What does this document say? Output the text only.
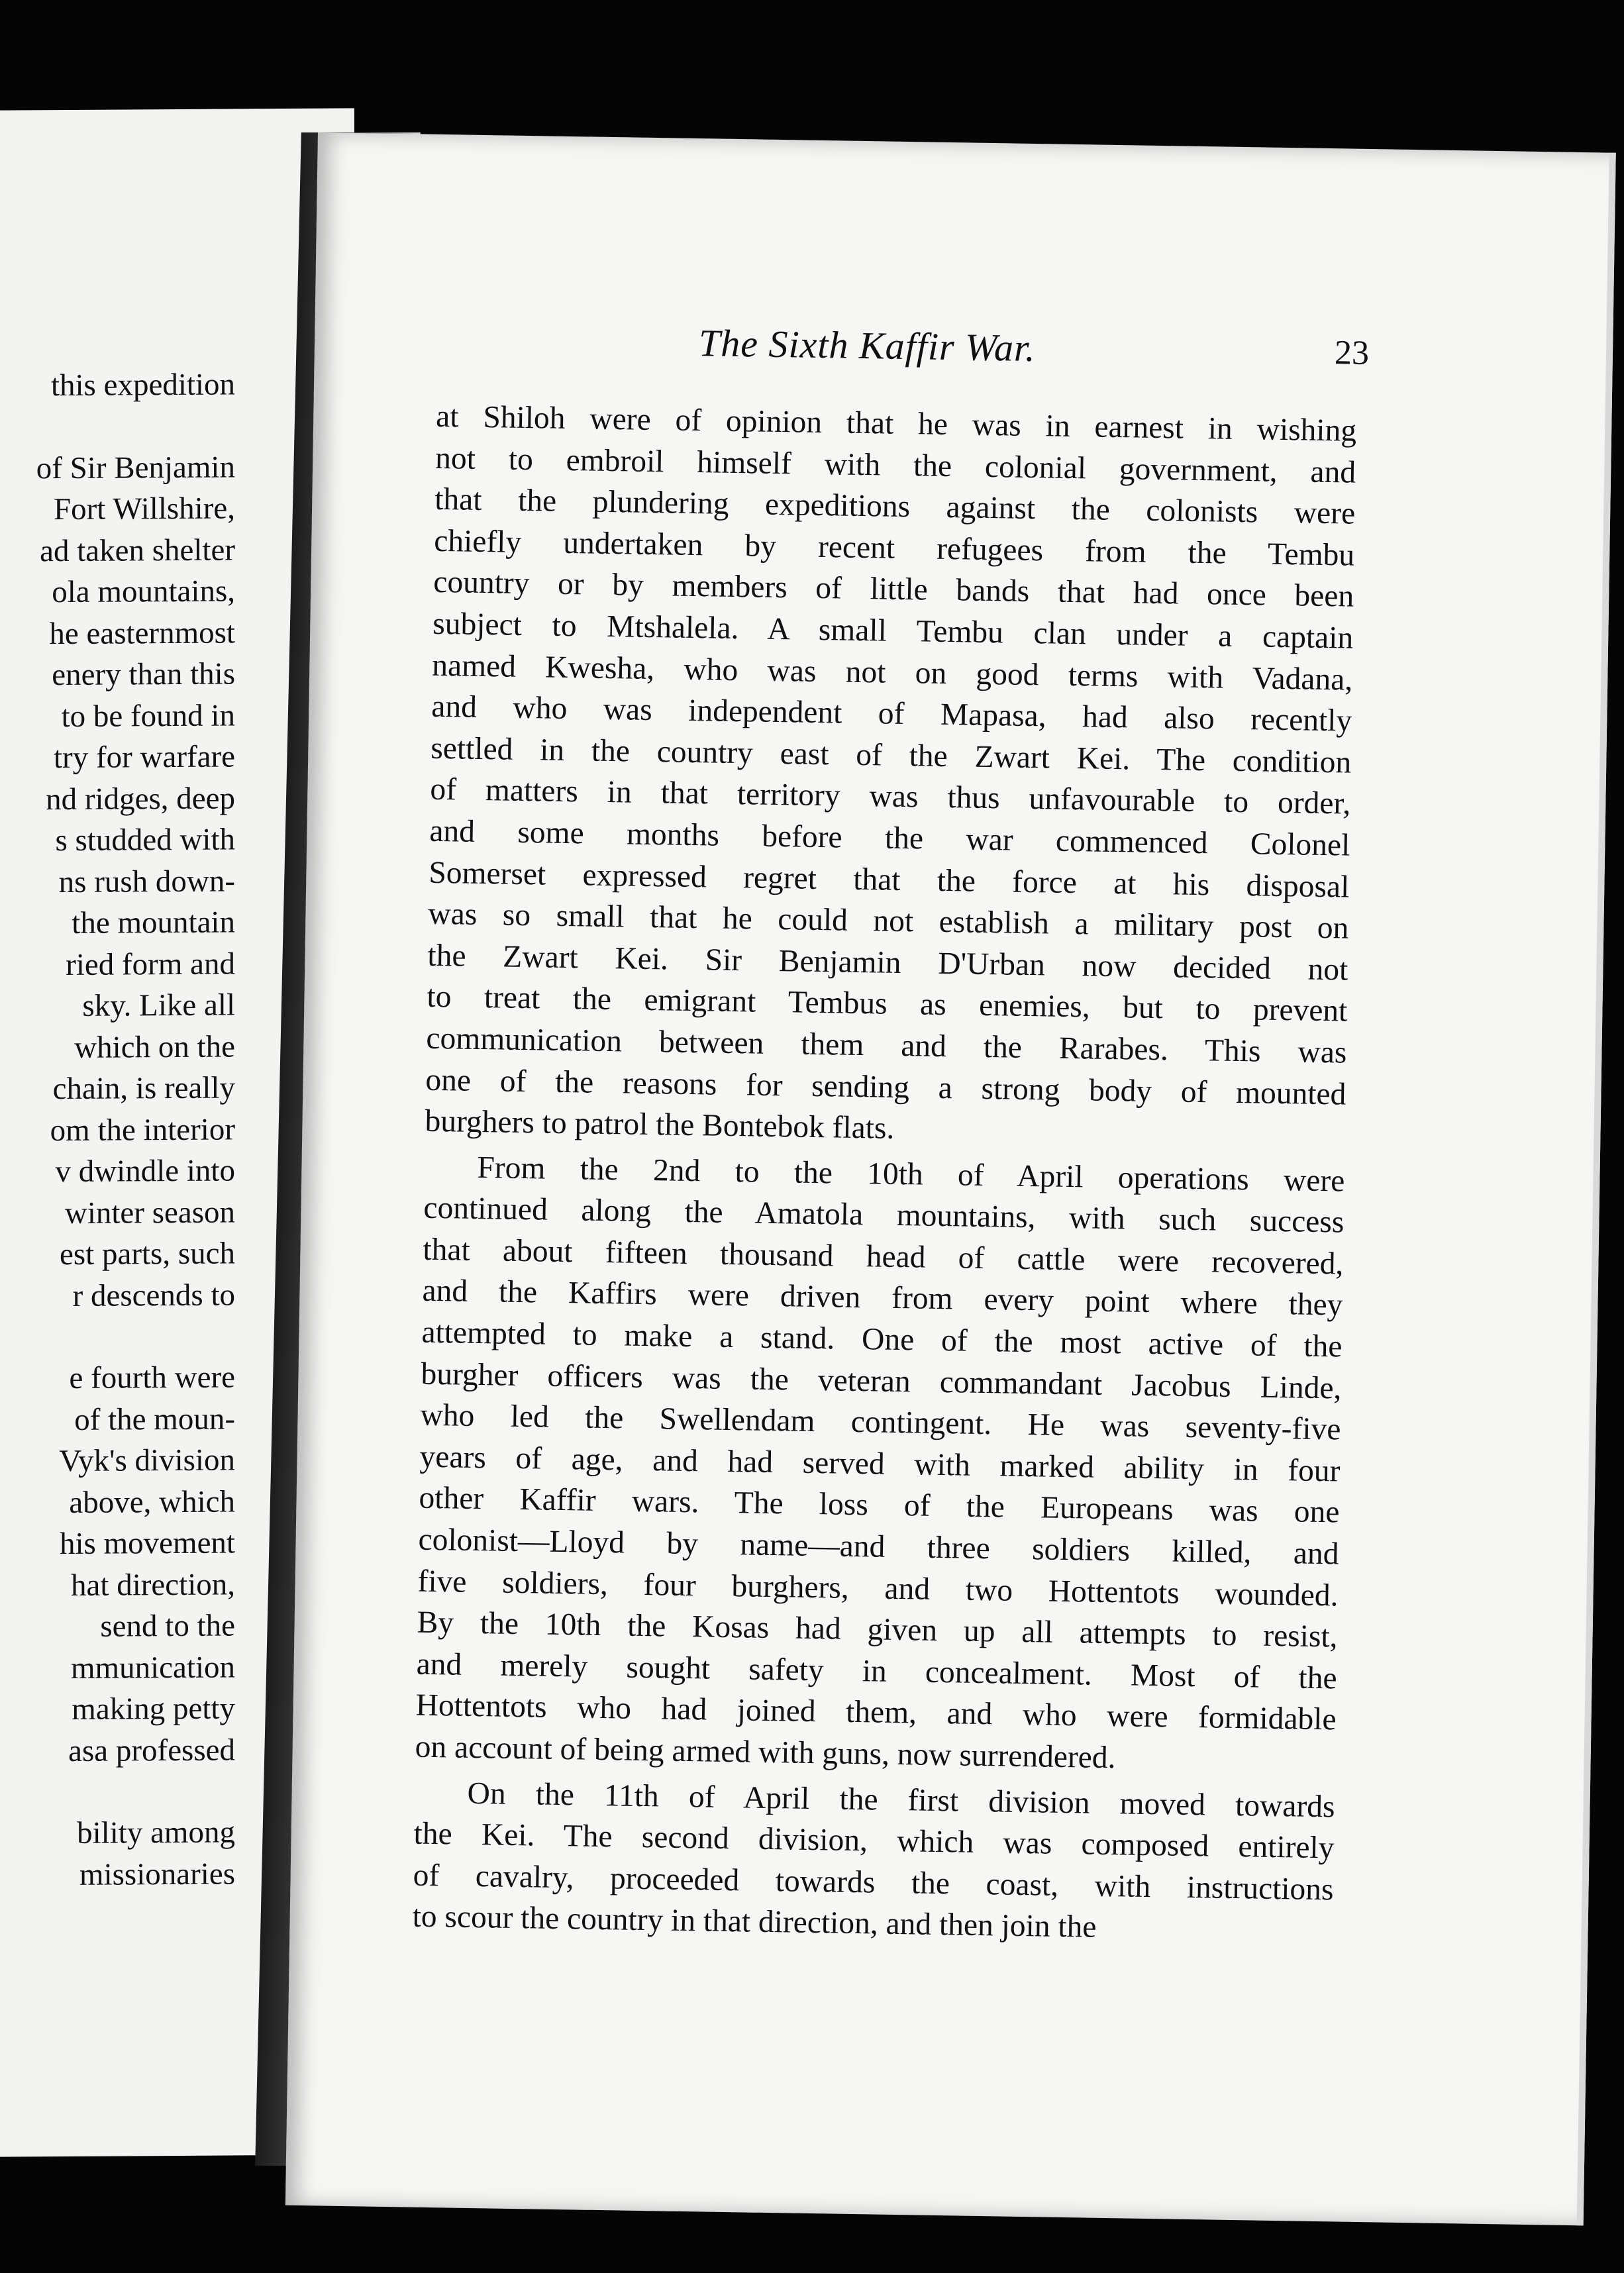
this expedition
of Sir Benjamin
Fort Willshire,
ad taken shelter
ola mountains,
he easternmost
enery than this
to be found in
try for warfare
nd ridges, deep
s studded with
ns rush down-
the mountain
ried form and
sky. Like all
which on the
chain, is really
om the interior
v dwindle into
winter season
est parts, such
r descends to
e fourth were
of the moun-
Vyk's division
above, which
his movement
hat direction,
send to the
mmunication
making petty
asa professed
bility among
missionaries
The Sixth Kaffir War.	23
at Shiloh were of opinion that he was in earnest in wishing
not to embroil himself with the colonial government, and
that the plundering expeditions against the colonists were
chiefly undertaken by recent refugees from the Tembu
country or by members of little bands that had once been
subject to Mtshalela. A small Tembu clan under a captain
named Kwesha, who was not on good terms with Vadana,
and who was independent of Mapasa, had also recently
settled in the country east of the Zwart Kei. The condition
of matters in that territory was thus unfavourable to order,
and some months before the war commenced Colonel
Somerset expressed regret that the force at his disposal
was so small that he could not establish a military post on
the Zwart Kei. Sir Benjamin D'Urban now decided not
to treat the emigrant Tembus as enemies, but to prevent
communication between them and the Rarabes. This was
one of the reasons for sending a strong body of mounted
burghers to patrol the Bontebok flats.
From the 2nd to the 10th of April operations were
continued along the Amatola mountains, with such success
that about fifteen thousand head of cattle were recovered,
and the Kaffirs were driven from every point where they
attempted to make a stand. One of the most active of the
burgher officers was the veteran commandant Jacobus Linde,
who led the Swellendam contingent. He was seventy-five
years of age, and had served with marked ability in four
other Kaffir wars. The loss of the Europeans was one
colonist—Lloyd by name—and three soldiers killed, and
five soldiers, four burghers, and two Hottentots wounded.
By the 10th the Kosas had given up all attempts to resist,
and merely sought safety in concealment. Most of the
Hottentots who had joined them, and who were formidable
on account of being armed with guns, now surrendered.
On the 11th of April the first division moved towards
the Kei. The second division, which was composed entirely
of cavalry, proceeded towards the coast, with instructions
to scour the country in that direction, and then join the
